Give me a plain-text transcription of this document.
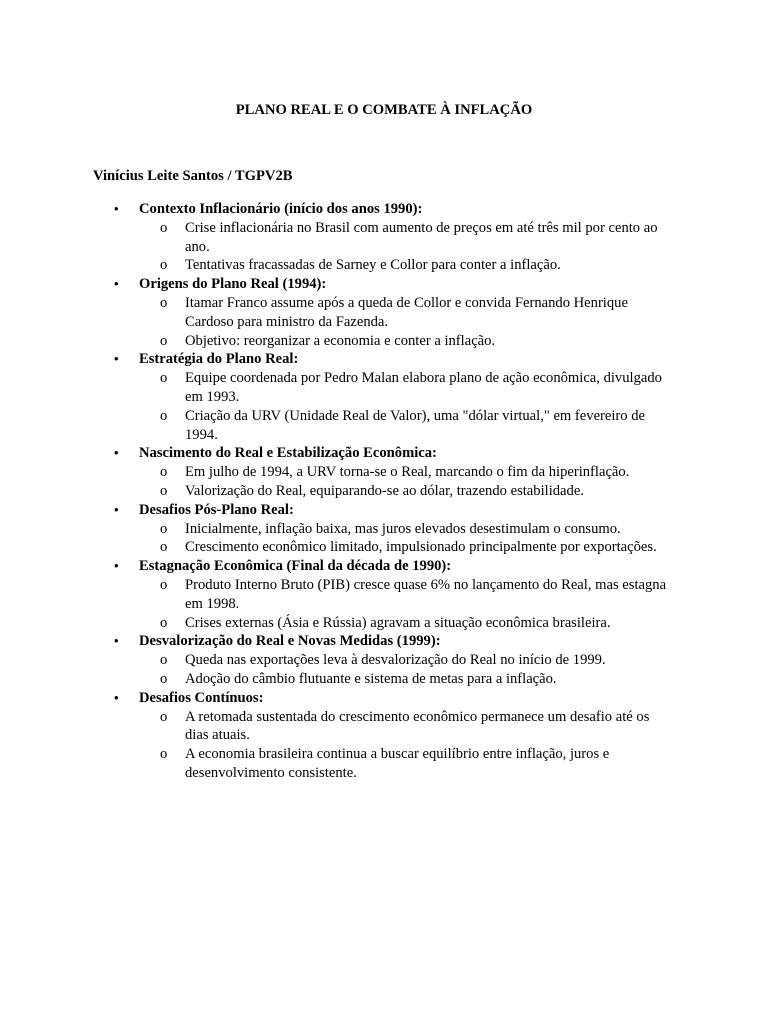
PLANO REAL E O COMBATE À INFLAÇÃO

Vinícius Leite Santos / TGPV2B

• Contexto Inflacionário (início dos anos 1990):
o Crise inflacionária no Brasil com aumento de preços em até três mil por cento ao ano.
o Tentativas fracassadas de Sarney e Collor para conter a inflação.
• Origens do Plano Real (1994):
o Itamar Franco assume após a queda de Collor e convida Fernando Henrique Cardoso para ministro da Fazenda.
o Objetivo: reorganizar a economia e conter a inflação.
• Estratégia do Plano Real:
o Equipe coordenada por Pedro Malan elabora plano de ação econômica, divulgado em 1993.
o Criação da URV (Unidade Real de Valor), uma "dólar virtual," em fevereiro de 1994.
• Nascimento do Real e Estabilização Econômica:
o Em julho de 1994, a URV torna-se o Real, marcando o fim da hiperinflação.
o Valorização do Real, equiparando-se ao dólar, trazendo estabilidade.
• Desafios Pós-Plano Real:
o Inicialmente, inflação baixa, mas juros elevados desestimulam o consumo.
o Crescimento econômico limitado, impulsionado principalmente por exportações.
• Estagnação Econômica (Final da década de 1990):
o Produto Interno Bruto (PIB) cresce quase 6% no lançamento do Real, mas estagna em 1998.
o Crises externas (Ásia e Rússia) agravam a situação econômica brasileira.
• Desvalorização do Real e Novas Medidas (1999):
o Queda nas exportações leva à desvalorização do Real no início de 1999.
o Adoção do câmbio flutuante e sistema de metas para a inflação.
• Desafios Contínuos:
o A retomada sustentada do crescimento econômico permanece um desafio até os dias atuais.
o A economia brasileira continua a buscar equilíbrio entre inflação, juros e desenvolvimento consistente.
